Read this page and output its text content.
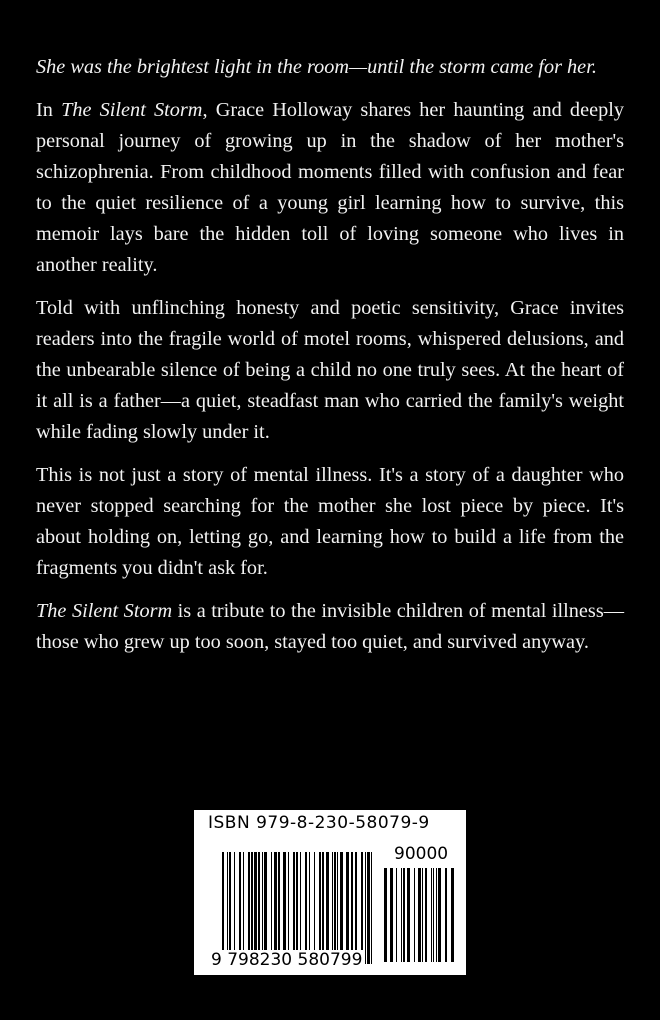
She was the brightest light in the room—until the storm came for her.

In The Silent Storm, Grace Holloway shares her haunting and deeply personal journey of growing up in the shadow of her mother's schizophrenia. From childhood moments filled with confusion and fear to the quiet resilience of a young girl learning how to survive, this memoir lays bare the hidden toll of loving someone who lives in another reality.

Told with unflinching honesty and poetic sensitivity, Grace invites readers into the fragile world of motel rooms, whispered delusions, and the unbearable silence of being a child no one truly sees. At the heart of it all is a father—a quiet, steadfast man who carried the family's weight while fading slowly under it.

This is not just a story of mental illness. It's a story of a daughter who never stopped searching for the mother she lost piece by piece. It's about holding on, letting go, and learning how to build a life from the fragments you didn't ask for.

The Silent Storm is a tribute to the invisible children of mental illness—those who grew up too soon, stayed too quiet, and survived anyway.

ISBN 979-8-230-58079-9
90000
9 798230 580799
